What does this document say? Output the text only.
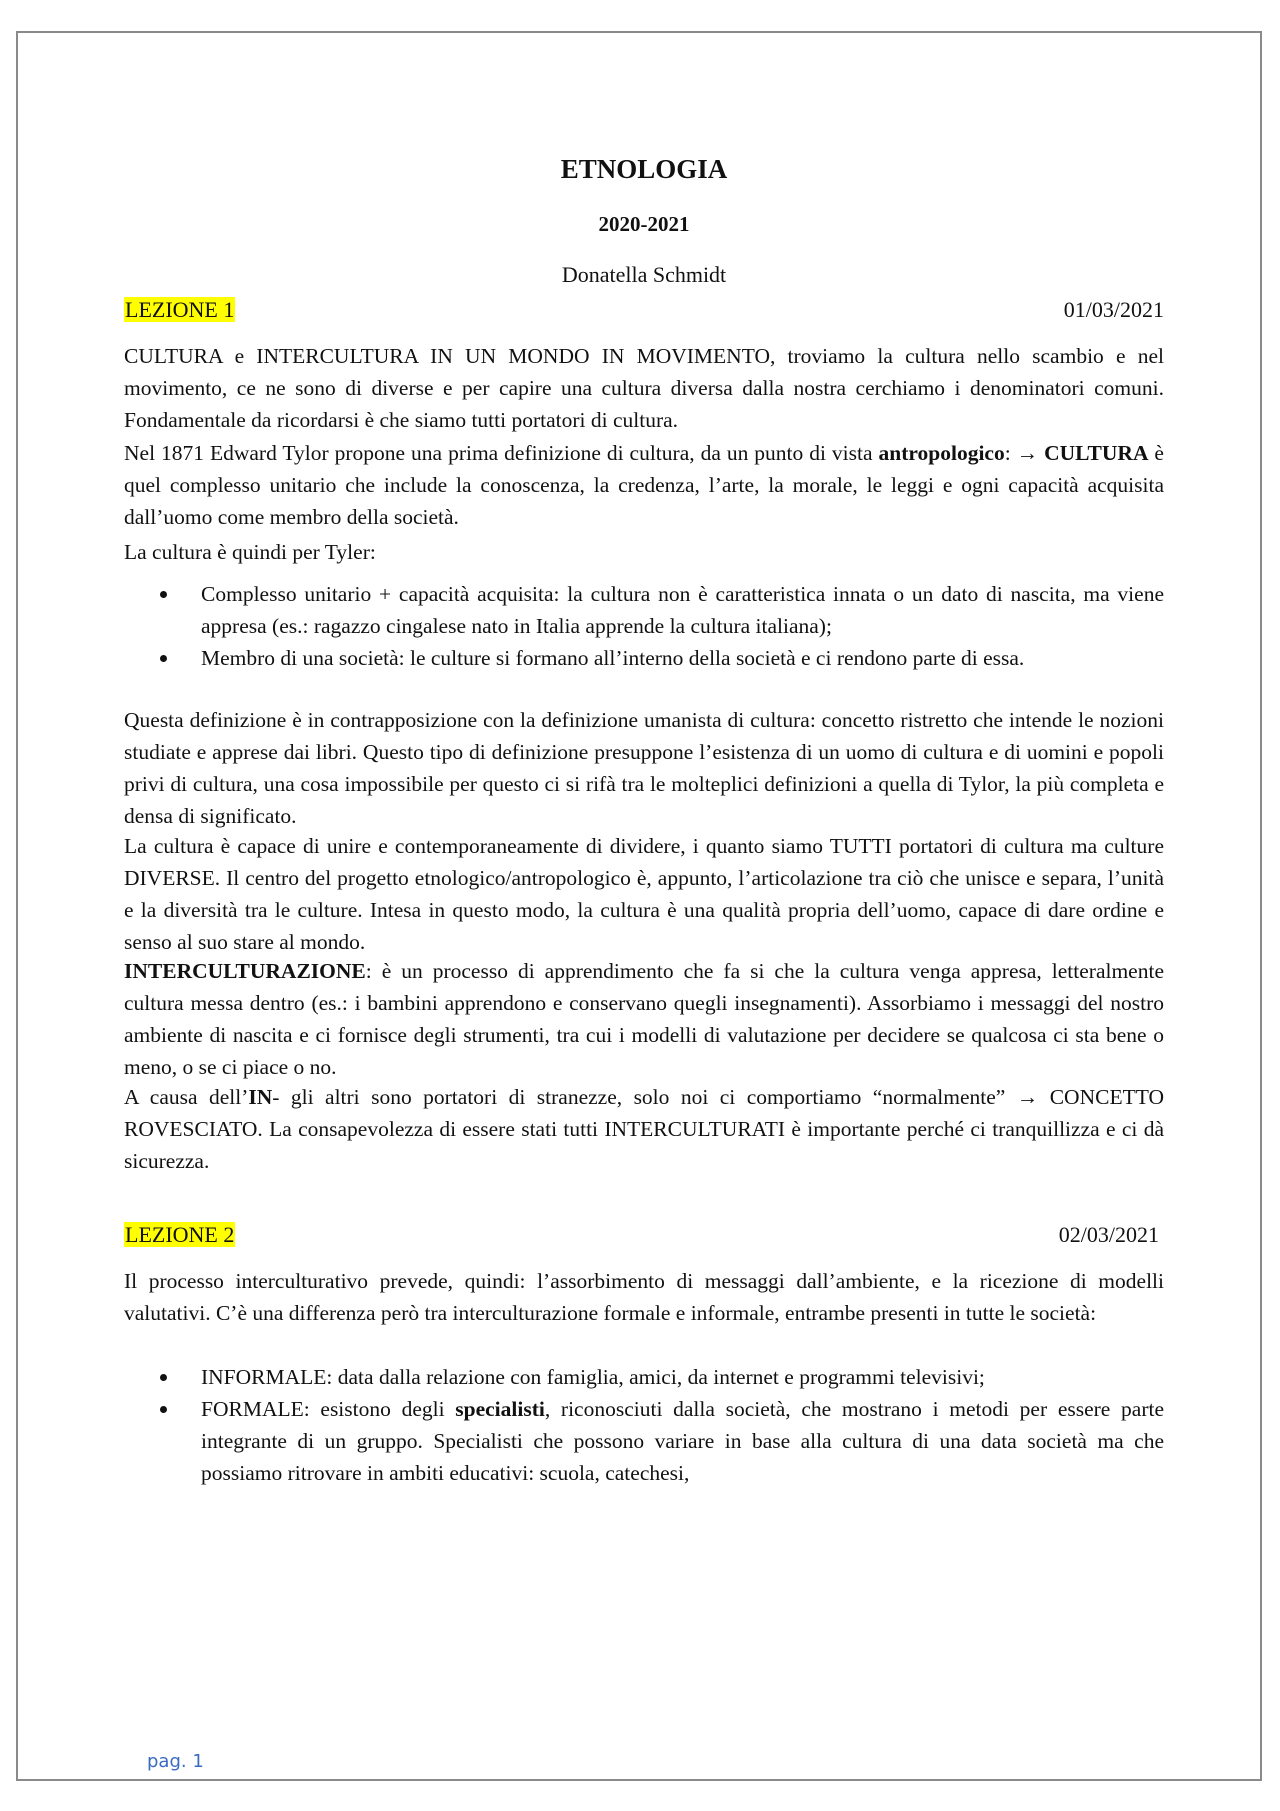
ETNOLOGIA
2020-2021
Donatella Schmidt
LEZIONE 1	01/03/2021

CULTURA e INTERCULTURA IN UN MONDO IN MOVIMENTO, troviamo la cultura nello scambio e nel movimento, ce ne sono di diverse e per capire una cultura diversa dalla nostra cerchiamo i denominatori comuni. Fondamentale da ricordarsi è che siamo tutti portatori di cultura.

Nel 1871 Edward Tylor propone una prima definizione di cultura, da un punto di vista antropologico: → CULTURA è quel complesso unitario che include la conoscenza, la credenza, l’arte, la morale, le leggi e ogni capacità acquisita dall’uomo come membro della società.

La cultura è quindi per Tyler:

Complesso unitario + capacità acquisita: la cultura non è caratteristica innata o un dato di nascita, ma viene appresa (es.: ragazzo cingalese nato in Italia apprende la cultura italiana);
Membro di una società: le culture si formano all’interno della società e ci rendono parte di essa.

Questa definizione è in contrapposizione con la definizione umanista di cultura: concetto ristretto che intende le nozioni studiate e apprese dai libri. Questo tipo di definizione presuppone l’esistenza di un uomo di cultura e di uomini e popoli privi di cultura, una cosa impossibile per questo ci si rifà tra le molteplici definizioni a quella di Tylor, la più completa e densa di significato.

La cultura è capace di unire e contemporaneamente di dividere, i quanto siamo TUTTI portatori di cultura ma culture DIVERSE. Il centro del progetto etnologico/antropologico è, appunto, l’articolazione tra ciò che unisce e separa, l’unità e la diversità tra le culture. Intesa in questo modo, la cultura è una qualità propria dell’uomo, capace di dare ordine e senso al suo stare al mondo.

INTERCULTURAZIONE: è un processo di apprendimento che fa si che la cultura venga appresa, letteralmente cultura messa dentro (es.: i bambini apprendono e conservano quegli insegnamenti). Assorbiamo i messaggi del nostro ambiente di nascita e ci fornisce degli strumenti, tra cui i modelli di valutazione per decidere se qualcosa ci sta bene o meno, o se ci piace o no.

A causa dell’IN- gli altri sono portatori di stranezze, solo noi ci comportiamo “normalmente” → CONCETTO ROVESCIATO. La consapevolezza di essere stati tutti INTERCULTURATI è importante perché ci tranquillizza e ci dà sicurezza.

LEZIONE 2	02/03/2021

Il processo interculturativo prevede, quindi: l’assorbimento di messaggi dall’ambiente, e la ricezione di modelli valutativi. C’è una differenza però tra interculturazione formale e informale, entrambe presenti in tutte le società:

INFORMALE: data dalla relazione con famiglia, amici, da internet e programmi televisivi;
FORMALE: esistono degli specialisti, riconosciuti dalla società, che mostrano i metodi per essere parte integrante di un gruppo. Specialisti che possono variare in base alla cultura di una data società ma che possiamo ritrovare in ambiti educativi: scuola, catechesi,
pag. 1
